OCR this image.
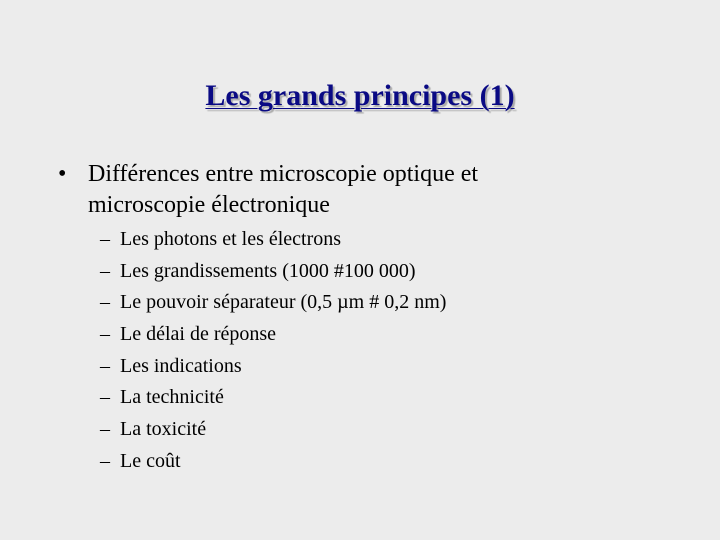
Les grands principes (1)
• Différences entre microscopie optique et
microscopie électronique
– Les photons et les électrons
– Les grandissements (1000 #100 000)
– Le pouvoir séparateur (0,5 µm # 0,2 nm)
– Le délai de réponse
– Les indications
– La technicité
– La toxicité
– Le coût
